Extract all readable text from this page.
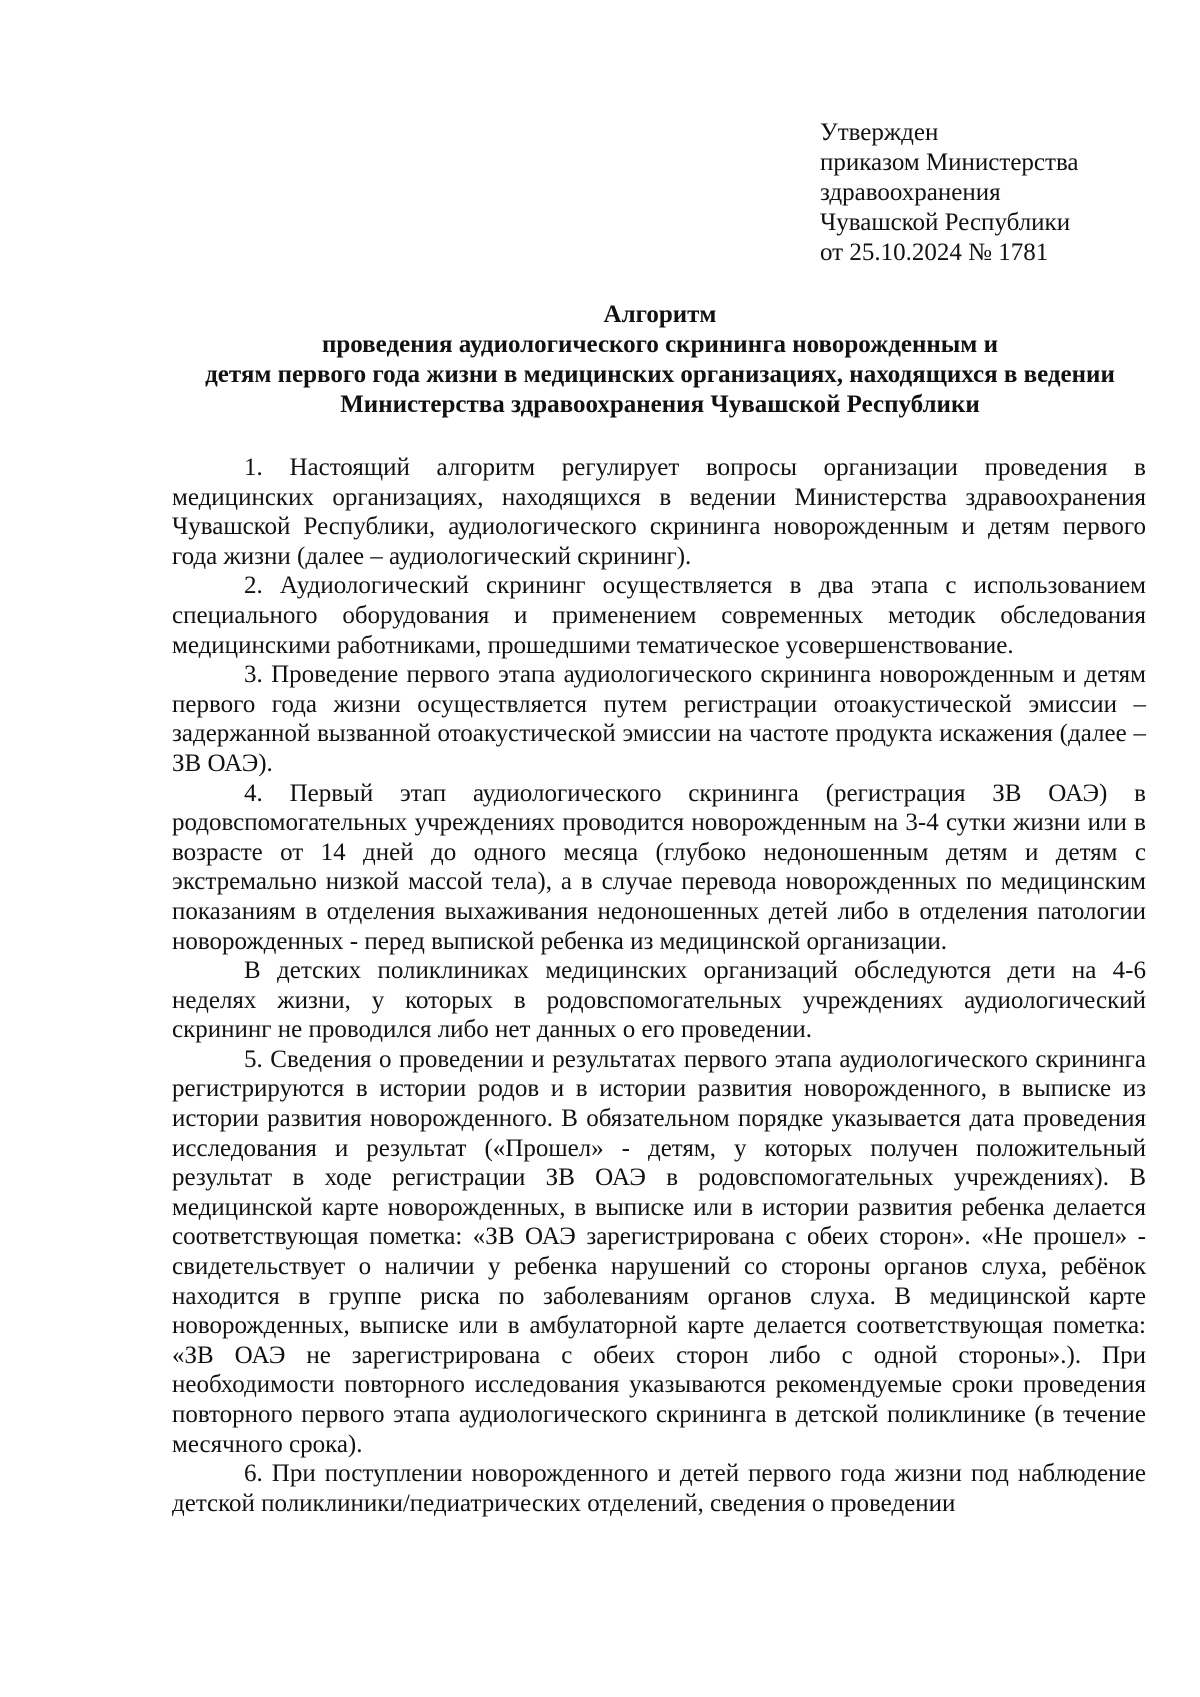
Утвержден
приказом Министерства
здравоохранения
Чувашской Республики
от 25.10.2024 № 1781
Алгоритм
проведения аудиологического скрининга новорожденным и
детям первого года жизни в медицинских организациях, находящихся в ведении
Министерства здравоохранения Чувашской Республики

1. Настоящий алгоритм регулирует вопросы организации проведения в медицинских организациях, находящихся в ведении Министерства здравоохранения Чувашской Республики, аудиологического скрининга новорожденным и детям первого года жизни (далее – аудиологический скрининг).

2. Аудиологический скрининг осуществляется в два этапа с использованием специального оборудования и применением современных методик обследования медицинскими работниками, прошедшими тематическое усовершенствование.

3. Проведение первого этапа аудиологического скрининга новорожденным и детям первого года жизни осуществляется путем регистрации отоакустической эмиссии – задержанной вызванной отоакустической эмиссии на частоте продукта искажения (далее – ЗВ ОАЭ).

4. Первый этап аудиологического скрининга (регистрация ЗВ ОАЭ) в родовспомогательных учреждениях проводится новорожденным на 3-4 сутки жизни или в возрасте от 14 дней до одного месяца (глубоко недоношенным детям и детям с экстремально низкой массой тела), а в случае перевода новорожденных по медицинским показаниям в отделения выхаживания недоношенных детей либо в отделения патологии новорожденных - перед выпиской ребенка из медицинской организации.

В детских поликлиниках медицинских организаций обследуются дети на 4-6 неделях жизни, у которых в родовспомогательных учреждениях аудиологический скрининг не проводился либо нет данных о его проведении.

5. Сведения о проведении и результатах первого этапа аудиологического скрининга регистрируются в истории родов и в истории развития новорожденного, в выписке из истории развития новорожденного. В обязательном порядке указывается дата проведения исследования и результат («Прошел» - детям, у которых получен положительный результат в ходе регистрации ЗВ ОАЭ в родовспомогательных учреждениях). В медицинской карте новорожденных, в выписке или в истории развития ребенка делается соответствующая пометка: «ЗВ ОАЭ зарегистрирована с обеих сторон». «Не прошел» - свидетельствует о наличии у ребенка нарушений со стороны органов слуха, ребёнок находится в группе риска по заболеваниям органов слуха. В медицинской карте новорожденных, выписке или в амбулаторной карте делается соответствующая пометка: «ЗВ ОАЭ не зарегистрирована с обеих сторон либо с одной стороны».). При необходимости повторного исследования указываются рекомендуемые сроки проведения повторного первого этапа аудиологического скрининга в детской поликлинике (в течение месячного срока).

6. При поступлении новорожденного и детей первого года жизни под наблюдение детской поликлиники/педиатрических отделений, сведения о проведении
